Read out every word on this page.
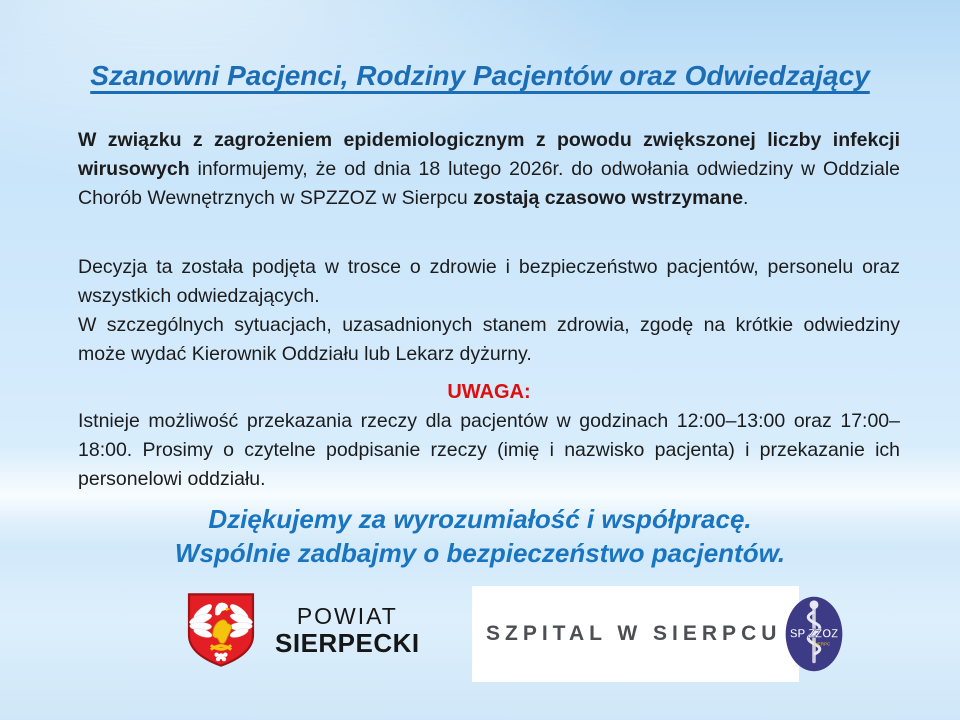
Szanowni Pacjenci, Rodziny Pacjentów oraz Odwiedzający

W związku z zagrożeniem epidemiologicznym z powodu zwiększonej liczby infekcji wirusowych informujemy, że od dnia 18 lutego 2026r. do odwołania odwiedziny w Oddziale Chorób Wewnętrznych w SPZZOZ w Sierpcu zostają czasowo wstrzymane.

Decyzja ta została podjęta w trosce o zdrowie i bezpieczeństwo pacjentów, personelu oraz wszystkich odwiedzających.

W szczególnych sytuacjach, uzasadnionych stanem zdrowia, zgodę na krótkie odwiedziny może wydać Kierownik Oddziału lub Lekarz dyżurny.

UWAGA:

Istnieje możliwość przekazania rzeczy dla pacjentów w godzinach 12:00–13:00 oraz 17:00–18:00. Prosimy o czytelne podpisanie rzeczy (imię i nazwisko pacjenta) i przekazanie ich personelowi oddziału.

Dziękujemy za wyrozumiałość i współpracę.
Wspólnie zadbajmy o bezpieczeństwo pacjentów.
POWIAT
SIERPECKI	SZPITAL W SIERPCU SP ZZOZ
SIERPC
